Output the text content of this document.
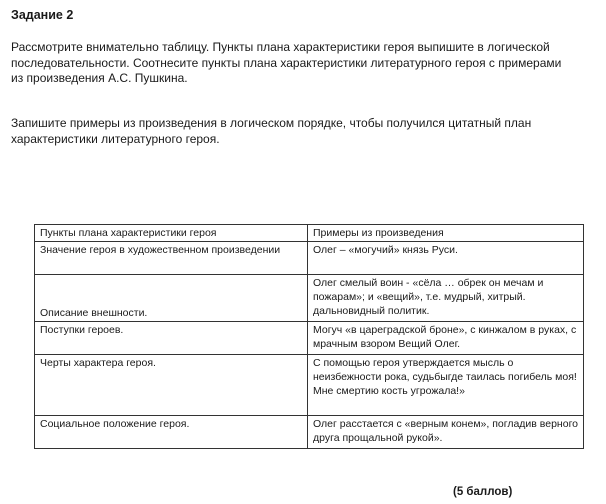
Задание 2
Рассмотрите внимательно таблицу. Пункты плана характеристики героя выпишите в логической последовательности. Соотнесите пункты плана характеристики литературного героя с примерами из произведения А.С. Пушкина.
Запишите примеры из произведения в логическом порядке, чтобы получился цитатный план характеристики литературного героя.
Пункты плана характеристики героя	Примеры из произведения
Значение героя в художественном произведении	Олег – «могучий» князь Руси.
Описание внешности.	Олег смелый воин - «сёла … обрек он мечам и пожарам»; и «вещий», т.е. мудрый, хитрый. дальновидный политик.
Поступки героев.	Могуч «в цареградской броне», с кинжалом в руках, с мрачным взором Вещий Олег.
Черты характера героя.	С помощью героя утверждается мысль о неизбежности рока, судьбыгде таилась погибель моя! Мне смертию кость угрожала!»
Социальное положение героя.	Олег расстается с «верным конем», погладив верного друга прощальной рукой».
(5 баллов)
